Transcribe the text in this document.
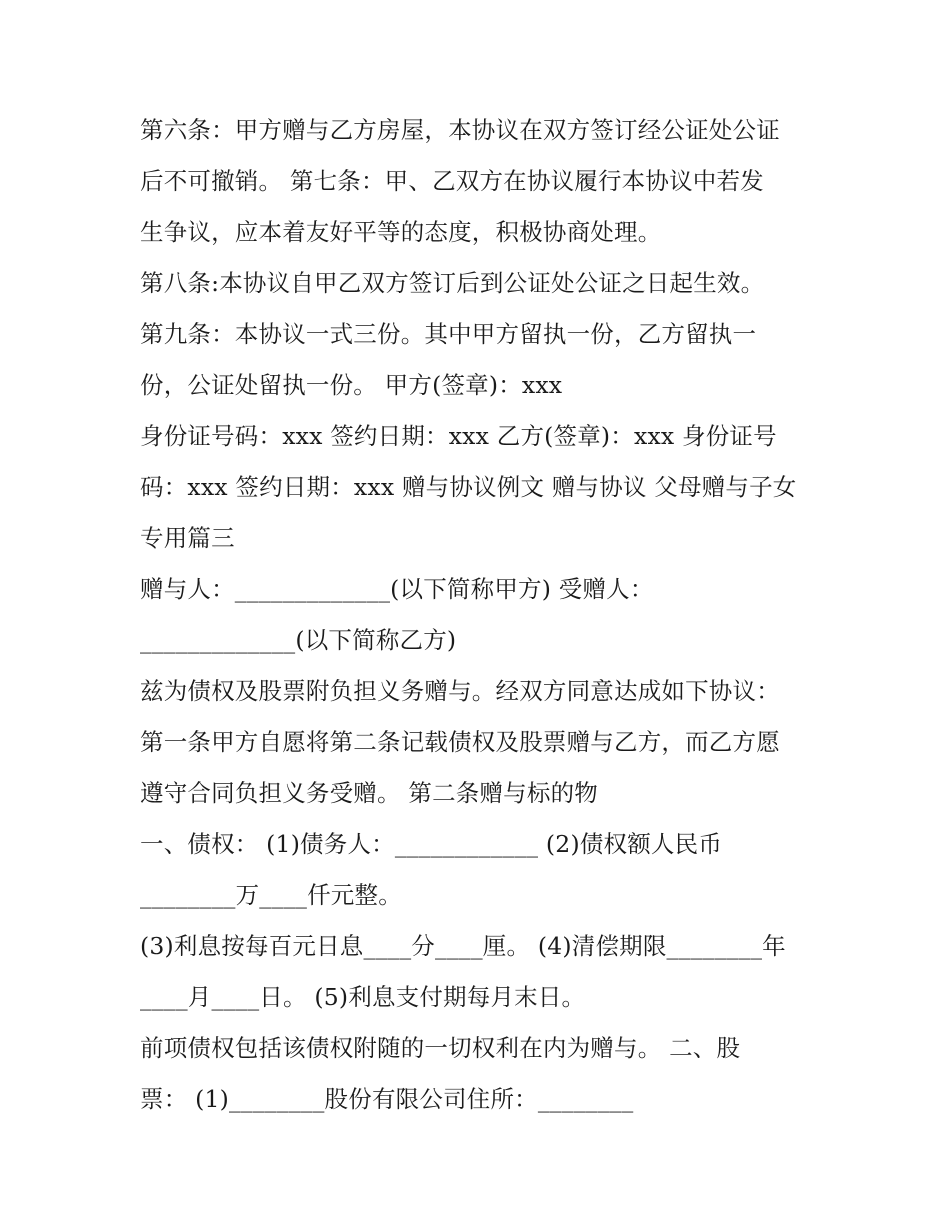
第六条：甲方赠与乙方房屋，本协议在双方签订经公证处公证
后不可撤销。 第七条：甲、乙双方在协议履行本协议中若发
生争议，应本着友好平等的态度，积极协商处理。
第八条:本协议自甲乙双方签订后到公证处公证之日起生效。
第九条：本协议一式三份。其中甲方留执一份，乙方留执一
份，公证处留执一份。 甲方(签章)：xxx
身份证号码：xxx 签约日期：xxx 乙方(签章)：xxx 身份证号
码：xxx 签约日期：xxx 赠与协议例文 赠与协议 父母赠与子女
专用篇三
赠与人：_____________(以下简称甲方) 受赠人：
_____________(以下简称乙方)
兹为债权及股票附负担义务赠与。经双方同意达成如下协议：
第一条甲方自愿将第二条记载债权及股票赠与乙方，而乙方愿
遵守合同负担义务受赠。 第二条赠与标的物
一、债权： (1)债务人：____________ (2)债权额人民币
________万____仟元整。
(3)利息按每百元日息____分____厘。 (4)清偿期限________年
____月____日。 (5)利息支付期每月末日。
前项债权包括该债权附随的一切权利在内为赠与。 二、股
票： (1)________股份有限公司住所：________
